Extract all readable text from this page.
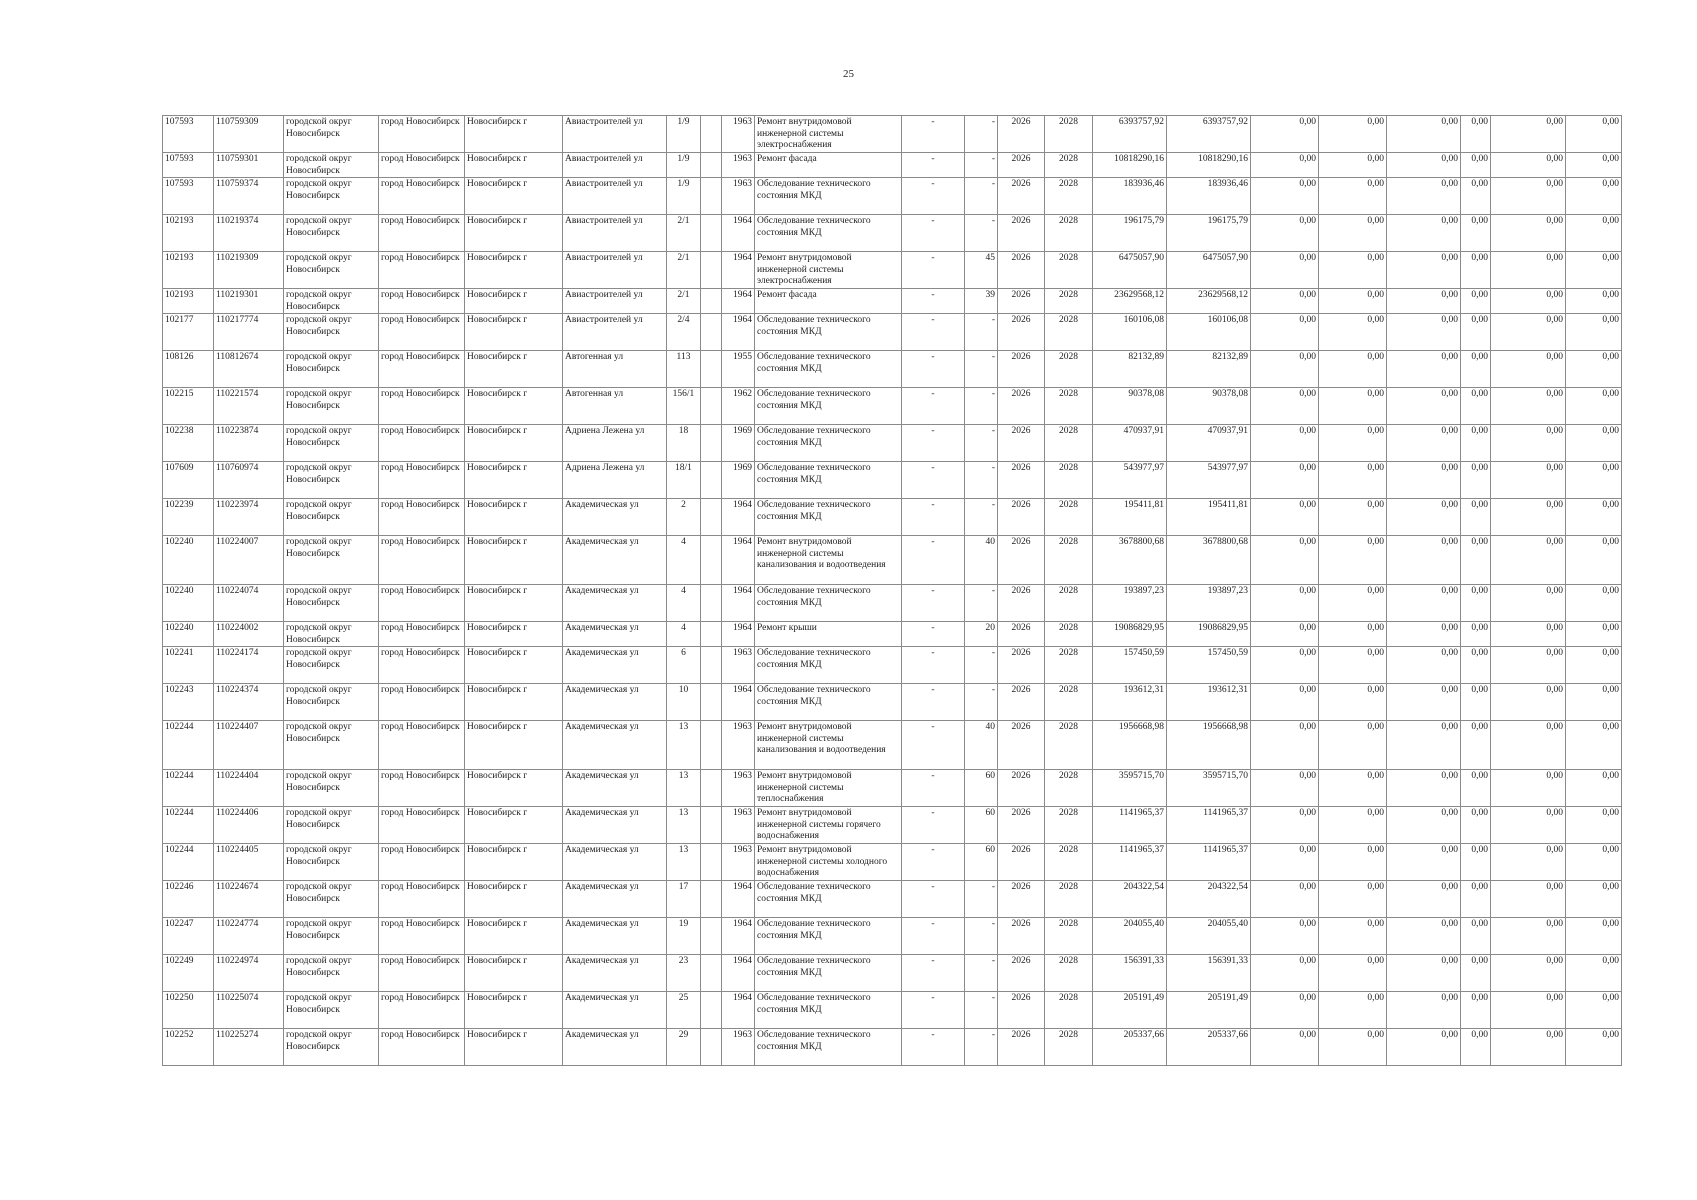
25
107593	110759309	городской округ Новосибирск	город Новосибирск	Новосибирск г	Авиастроителей ул	1/9		1963	Ремонт внутридомовой инженерной системы электроснабжения	-	-	2026	2028	6393757,92	6393757,92	0,00	0,00	0,00	0,00	0,00	0,00
107593	110759301	городской округ Новосибирск	город Новосибирск	Новосибирск г	Авиастроителей ул	1/9		1963	Ремонт фасада	-	-	2026	2028	10818290,16	10818290,16	0,00	0,00	0,00	0,00	0,00	0,00
107593	110759374	городской округ Новосибирск	город Новосибирск	Новосибирск г	Авиастроителей ул	1/9		1963	Обследование технического состояния МКД	-	-	2026	2028	183936,46	183936,46	0,00	0,00	0,00	0,00	0,00	0,00
102193	110219374	городской округ Новосибирск	город Новосибирск	Новосибирск г	Авиастроителей ул	2/1		1964	Обследование технического состояния МКД	-	-	2026	2028	196175,79	196175,79	0,00	0,00	0,00	0,00	0,00	0,00
102193	110219309	городской округ Новосибирск	город Новосибирск	Новосибирск г	Авиастроителей ул	2/1		1964	Ремонт внутридомовой инженерной системы электроснабжения	-	45	2026	2028	6475057,90	6475057,90	0,00	0,00	0,00	0,00	0,00	0,00
102193	110219301	городской округ Новосибирск	город Новосибирск	Новосибирск г	Авиастроителей ул	2/1		1964	Ремонт фасада	-	39	2026	2028	23629568,12	23629568,12	0,00	0,00	0,00	0,00	0,00	0,00
102177	110217774	городской округ Новосибирск	город Новосибирск	Новосибирск г	Авиастроителей ул	2/4		1964	Обследование технического состояния МКД	-	-	2026	2028	160106,08	160106,08	0,00	0,00	0,00	0,00	0,00	0,00
108126	110812674	городской округ Новосибирск	город Новосибирск	Новосибирск г	Автогенная ул	113		1955	Обследование технического состояния МКД	-	-	2026	2028	82132,89	82132,89	0,00	0,00	0,00	0,00	0,00	0,00
102215	110221574	городской округ Новосибирск	город Новосибирск	Новосибирск г	Автогенная ул	156/1		1962	Обследование технического состояния МКД	-	-	2026	2028	90378,08	90378,08	0,00	0,00	0,00	0,00	0,00	0,00
102238	110223874	городской округ Новосибирск	город Новосибирск	Новосибирск г	Адриена Лежена ул	18		1969	Обследование технического состояния МКД	-	-	2026	2028	470937,91	470937,91	0,00	0,00	0,00	0,00	0,00	0,00
107609	110760974	городской округ Новосибирск	город Новосибирск	Новосибирск г	Адриена Лежена ул	18/1		1969	Обследование технического состояния МКД	-	-	2026	2028	543977,97	543977,97	0,00	0,00	0,00	0,00	0,00	0,00
102239	110223974	городской округ Новосибирск	город Новосибирск	Новосибирск г	Академическая ул	2		1964	Обследование технического состояния МКД	-	-	2026	2028	195411,81	195411,81	0,00	0,00	0,00	0,00	0,00	0,00
102240	110224007	городской округ Новосибирск	город Новосибирск	Новосибирск г	Академическая ул	4		1964	Ремонт внутридомовой инженерной системы канализования и водоотведения	-	40	2026	2028	3678800,68	3678800,68	0,00	0,00	0,00	0,00	0,00	0,00
102240	110224074	городской округ Новосибирск	город Новосибирск	Новосибирск г	Академическая ул	4		1964	Обследование технического состояния МКД	-	-	2026	2028	193897,23	193897,23	0,00	0,00	0,00	0,00	0,00	0,00
102240	110224002	городской округ Новосибирск	город Новосибирск	Новосибирск г	Академическая ул	4		1964	Ремонт крыши	-	20	2026	2028	19086829,95	19086829,95	0,00	0,00	0,00	0,00	0,00	0,00
102241	110224174	городской округ Новосибирск	город Новосибирск	Новосибирск г	Академическая ул	6		1963	Обследование технического состояния МКД	-	-	2026	2028	157450,59	157450,59	0,00	0,00	0,00	0,00	0,00	0,00
102243	110224374	городской округ Новосибирск	город Новосибирск	Новосибирск г	Академическая ул	10		1964	Обследование технического состояния МКД	-	-	2026	2028	193612,31	193612,31	0,00	0,00	0,00	0,00	0,00	0,00
102244	110224407	городской округ Новосибирск	город Новосибирск	Новосибирск г	Академическая ул	13		1963	Ремонт внутридомовой инженерной системы канализования и водоотведения	-	40	2026	2028	1956668,98	1956668,98	0,00	0,00	0,00	0,00	0,00	0,00
102244	110224404	городской округ Новосибирск	город Новосибирск	Новосибирск г	Академическая ул	13		1963	Ремонт внутридомовой инженерной системы теплоснабжения	-	60	2026	2028	3595715,70	3595715,70	0,00	0,00	0,00	0,00	0,00	0,00
102244	110224406	городской округ Новосибирск	город Новосибирск	Новосибирск г	Академическая ул	13		1963	Ремонт внутридомовой инженерной системы горячего водоснабжения	-	60	2026	2028	1141965,37	1141965,37	0,00	0,00	0,00	0,00	0,00	0,00
102244	110224405	городской округ Новосибирск	город Новосибирск	Новосибирск г	Академическая ул	13		1963	Ремонт внутридомовой инженерной системы холодного водоснабжения	-	60	2026	2028	1141965,37	1141965,37	0,00	0,00	0,00	0,00	0,00	0,00
102246	110224674	городской округ Новосибирск	город Новосибирск	Новосибирск г	Академическая ул	17		1964	Обследование технического состояния МКД	-	-	2026	2028	204322,54	204322,54	0,00	0,00	0,00	0,00	0,00	0,00
102247	110224774	городской округ Новосибирск	город Новосибирск	Новосибирск г	Академическая ул	19		1964	Обследование технического состояния МКД	-	-	2026	2028	204055,40	204055,40	0,00	0,00	0,00	0,00	0,00	0,00
102249	110224974	городской округ Новосибирск	город Новосибирск	Новосибирск г	Академическая ул	23		1964	Обследование технического состояния МКД	-	-	2026	2028	156391,33	156391,33	0,00	0,00	0,00	0,00	0,00	0,00
102250	110225074	городской округ Новосибирск	город Новосибирск	Новосибирск г	Академическая ул	25		1964	Обследование технического состояния МКД	-	-	2026	2028	205191,49	205191,49	0,00	0,00	0,00	0,00	0,00	0,00
102252	110225274	городской округ Новосибирск	город Новосибирск	Новосибирск г	Академическая ул	29		1963	Обследование технического состояния МКД	-	-	2026	2028	205337,66	205337,66	0,00	0,00	0,00	0,00	0,00	0,00
